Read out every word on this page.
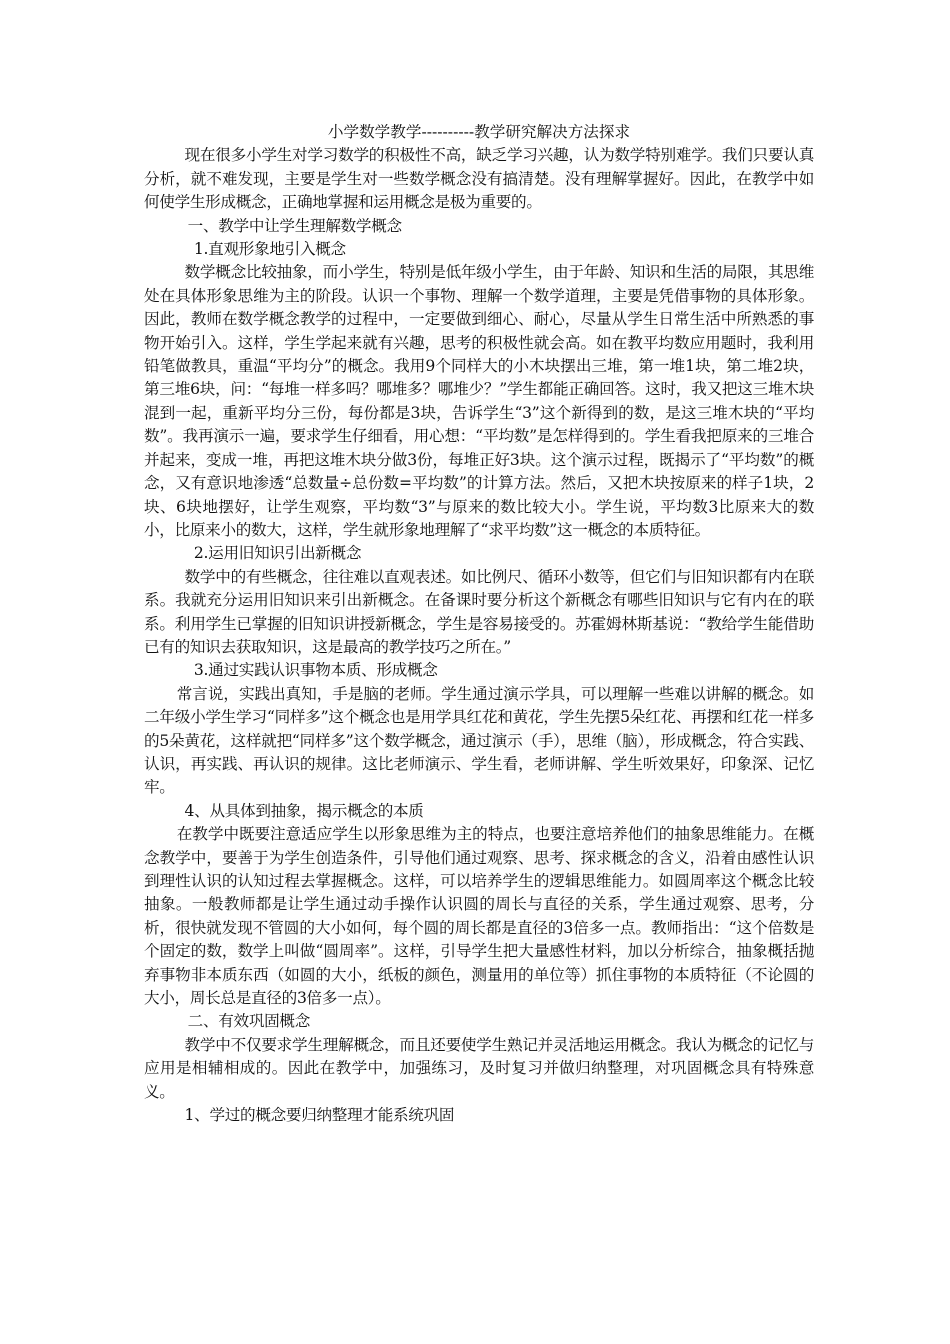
小学数学教学----------教学研究解决方法探求

现在很多小学生对学习数学的积极性不高，缺乏学习兴趣，认为数学特别难学。我们只要认真分析，就不难发现，主要是学生对一些数学概念没有搞清楚。没有理解掌握好。因此，在教学中如何使学生形成概念，正确地掌握和运用概念是极为重要的。

一、教学中让学生理解数学概念

1.直观形象地引入概念

数学概念比较抽象，而小学生，特别是低年级小学生，由于年龄、知识和生活的局限，其思维处在具体形象思维为主的阶段。认识一个事物、理解一个数学道理，主要是凭借事物的具体形象。因此，教师在数学概念教学的过程中，一定要做到细心、耐心，尽量从学生日常生活中所熟悉的事物开始引入。这样，学生学起来就有兴趣，思考的积极性就会高。如在教平均数应用题时，我利用铅笔做教具，重温“平均分”的概念。我用9个同样大的小木块摆出三堆，第一堆1块，第二堆2块，第三堆6块，问：“每堆一样多吗？哪堆多？哪堆少？”学生都能正确回答。这时，我又把这三堆木块混到一起，重新平均分三份，每份都是3块，告诉学生“3”这个新得到的数，是这三堆木块的“平均数”。我再演示一遍，要求学生仔细看，用心想：“平均数”是怎样得到的。学生看我把原来的三堆合并起来，变成一堆，再把这堆木块分做3份，每堆正好3块。这个演示过程，既揭示了“平均数”的概念，又有意识地渗透“总数量÷总份数=平均数”的计算方法。然后，又把木块按原来的样子1块，2块、6块地摆好，让学生观察，平均数“3”与原来的数比较大小。学生说，平均数3比原来大的数小，比原来小的数大，这样，学生就形象地理解了“求平均数”这一概念的本质特征。

2.运用旧知识引出新概念

数学中的有些概念，往往难以直观表述。如比例尺、循环小数等，但它们与旧知识都有内在联系。我就充分运用旧知识来引出新概念。在备课时要分析这个新概念有哪些旧知识与它有内在的联系。利用学生已掌握的旧知识讲授新概念，学生是容易接受的。苏霍姆林斯基说：“教给学生能借助已有的知识去获取知识，这是最高的教学技巧之所在。”

3.通过实践认识事物本质、形成概念

常言说，实践出真知，手是脑的老师。学生通过演示学具，可以理解一些难以讲解的概念。如二年级小学生学习“同样多”这个概念也是用学具红花和黄花，学生先摆5朵红花、再摆和红花一样多的5朵黄花，这样就把“同样多”这个数学概念，通过演示（手），思维（脑），形成概念，符合实践、认识，再实践、再认识的规律。这比老师演示、学生看，老师讲解、学生听效果好，印象深、记忆牢。

4、从具体到抽象，揭示概念的本质

在教学中既要注意适应学生以形象思维为主的特点，也要注意培养他们的抽象思维能力。在概念教学中，要善于为学生创造条件，引导他们通过观察、思考、探求概念的含义，沿着由感性认识到理性认识的认知过程去掌握概念。这样，可以培养学生的逻辑思维能力。如圆周率这个概念比较抽象。一般教师都是让学生通过动手操作认识圆的周长与直径的关系，学生通过观察、思考，分析，很快就发现不管圆的大小如何，每个圆的周长都是直径的3倍多一点。教师指出：“这个倍数是个固定的数，数学上叫做“圆周率”。这样，引导学生把大量感性材料，加以分析综合，抽象概括抛弃事物非本质东西（如圆的大小，纸板的颜色，测量用的单位等）抓住事物的本质特征（不论圆的大小，周长总是直径的3倍多一点）。

二、有效巩固概念

教学中不仅要求学生理解概念，而且还要使学生熟记并灵活地运用概念。我认为概念的记忆与应用是相辅相成的。因此在教学中，加强练习，及时复习并做归纳整理，对巩固概念具有特殊意义。

1、学过的概念要归纳整理才能系统巩固
